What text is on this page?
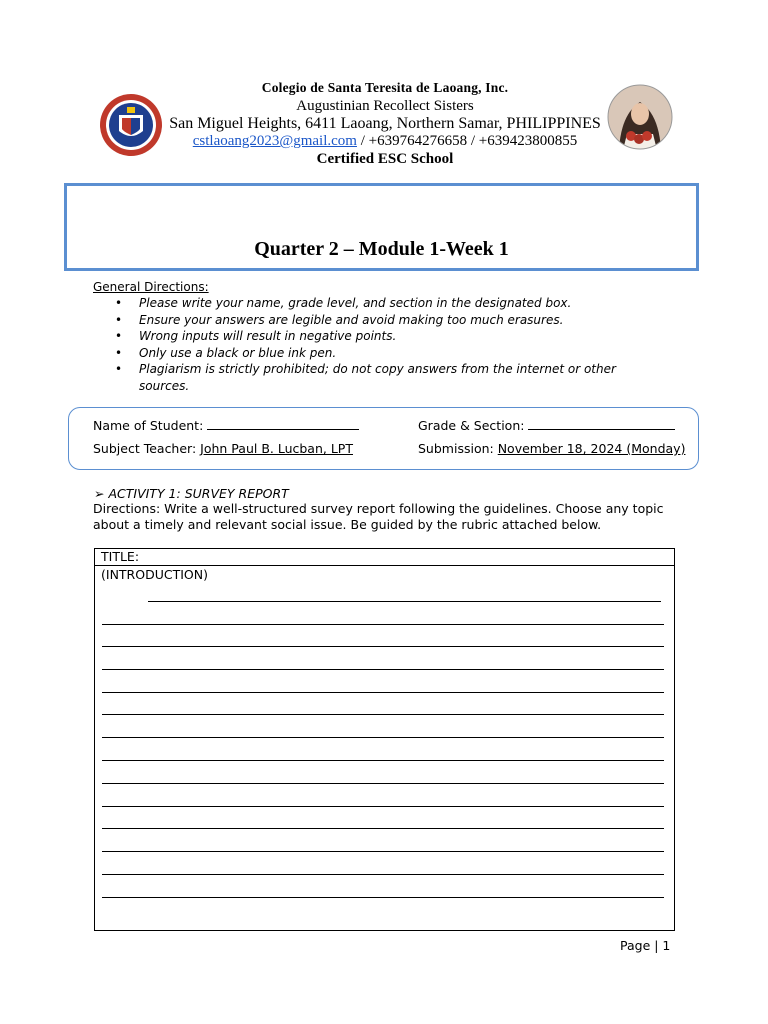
Colegio de Santa Teresita de Laoang, Inc.
Augustinian Recollect Sisters
San Miguel Heights, 6411 Laoang, Northern Samar, PHILIPPINES
cstlaoang2023@gmail.com / +639764276658 / +639423800855
Certified ESC School
Quarter 2 – Module 1-Week 1
General Directions:
• Please write your name, grade level, and section in the designated box.
• Ensure your answers are legible and avoid making too much erasures.
• Wrong inputs will result in negative points.
• Only use a black or blue ink pen.
• Plagiarism is strictly prohibited; do not copy answers from the internet or other sources.
Name of Student:	Grade & Section:
Subject Teacher: John Paul B. Lucban, LPT	Submission: November 18, 2024 (Monday)
➢ ACTIVITY 1: SURVEY REPORT
Directions: Write a well-structured survey report following the guidelines. Choose any topic about a timely and relevant social issue. Be guided by the rubric attached below.
TITLE:
(INTRODUCTION)
Page | 1
